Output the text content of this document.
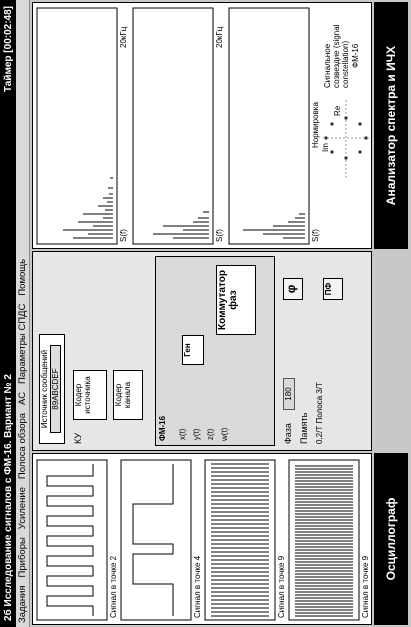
2б Исследование сигналов с ФМ-16. Вариант № 2
Таймер [00:02:48]
Задания
Приборы
Усиление
Полоса обзора
АС
Параметры СПДС
Помощь
Сигнал в точке 2	Сигнал в точке 4	Сигнал в точке 9	Сигнал в точке 9
Источник сообщений 89ABCDEF
КУ
Кодер источника	Кодер канала
ФМ-16
Ген
Коммутатор фаз
x(t) y(t) z(t) w(t)	Фаза
180
Память 0,2/Т Полоса 3/Т
φ	ПФ
S(f)
20кГц
S(f)
20кГц
S(f)
Нормировка
Сигнальное созвездие (signal constellation) ФМ-16
Re
Im
Осциллограф
Анализатор спектра и ИЧХ
